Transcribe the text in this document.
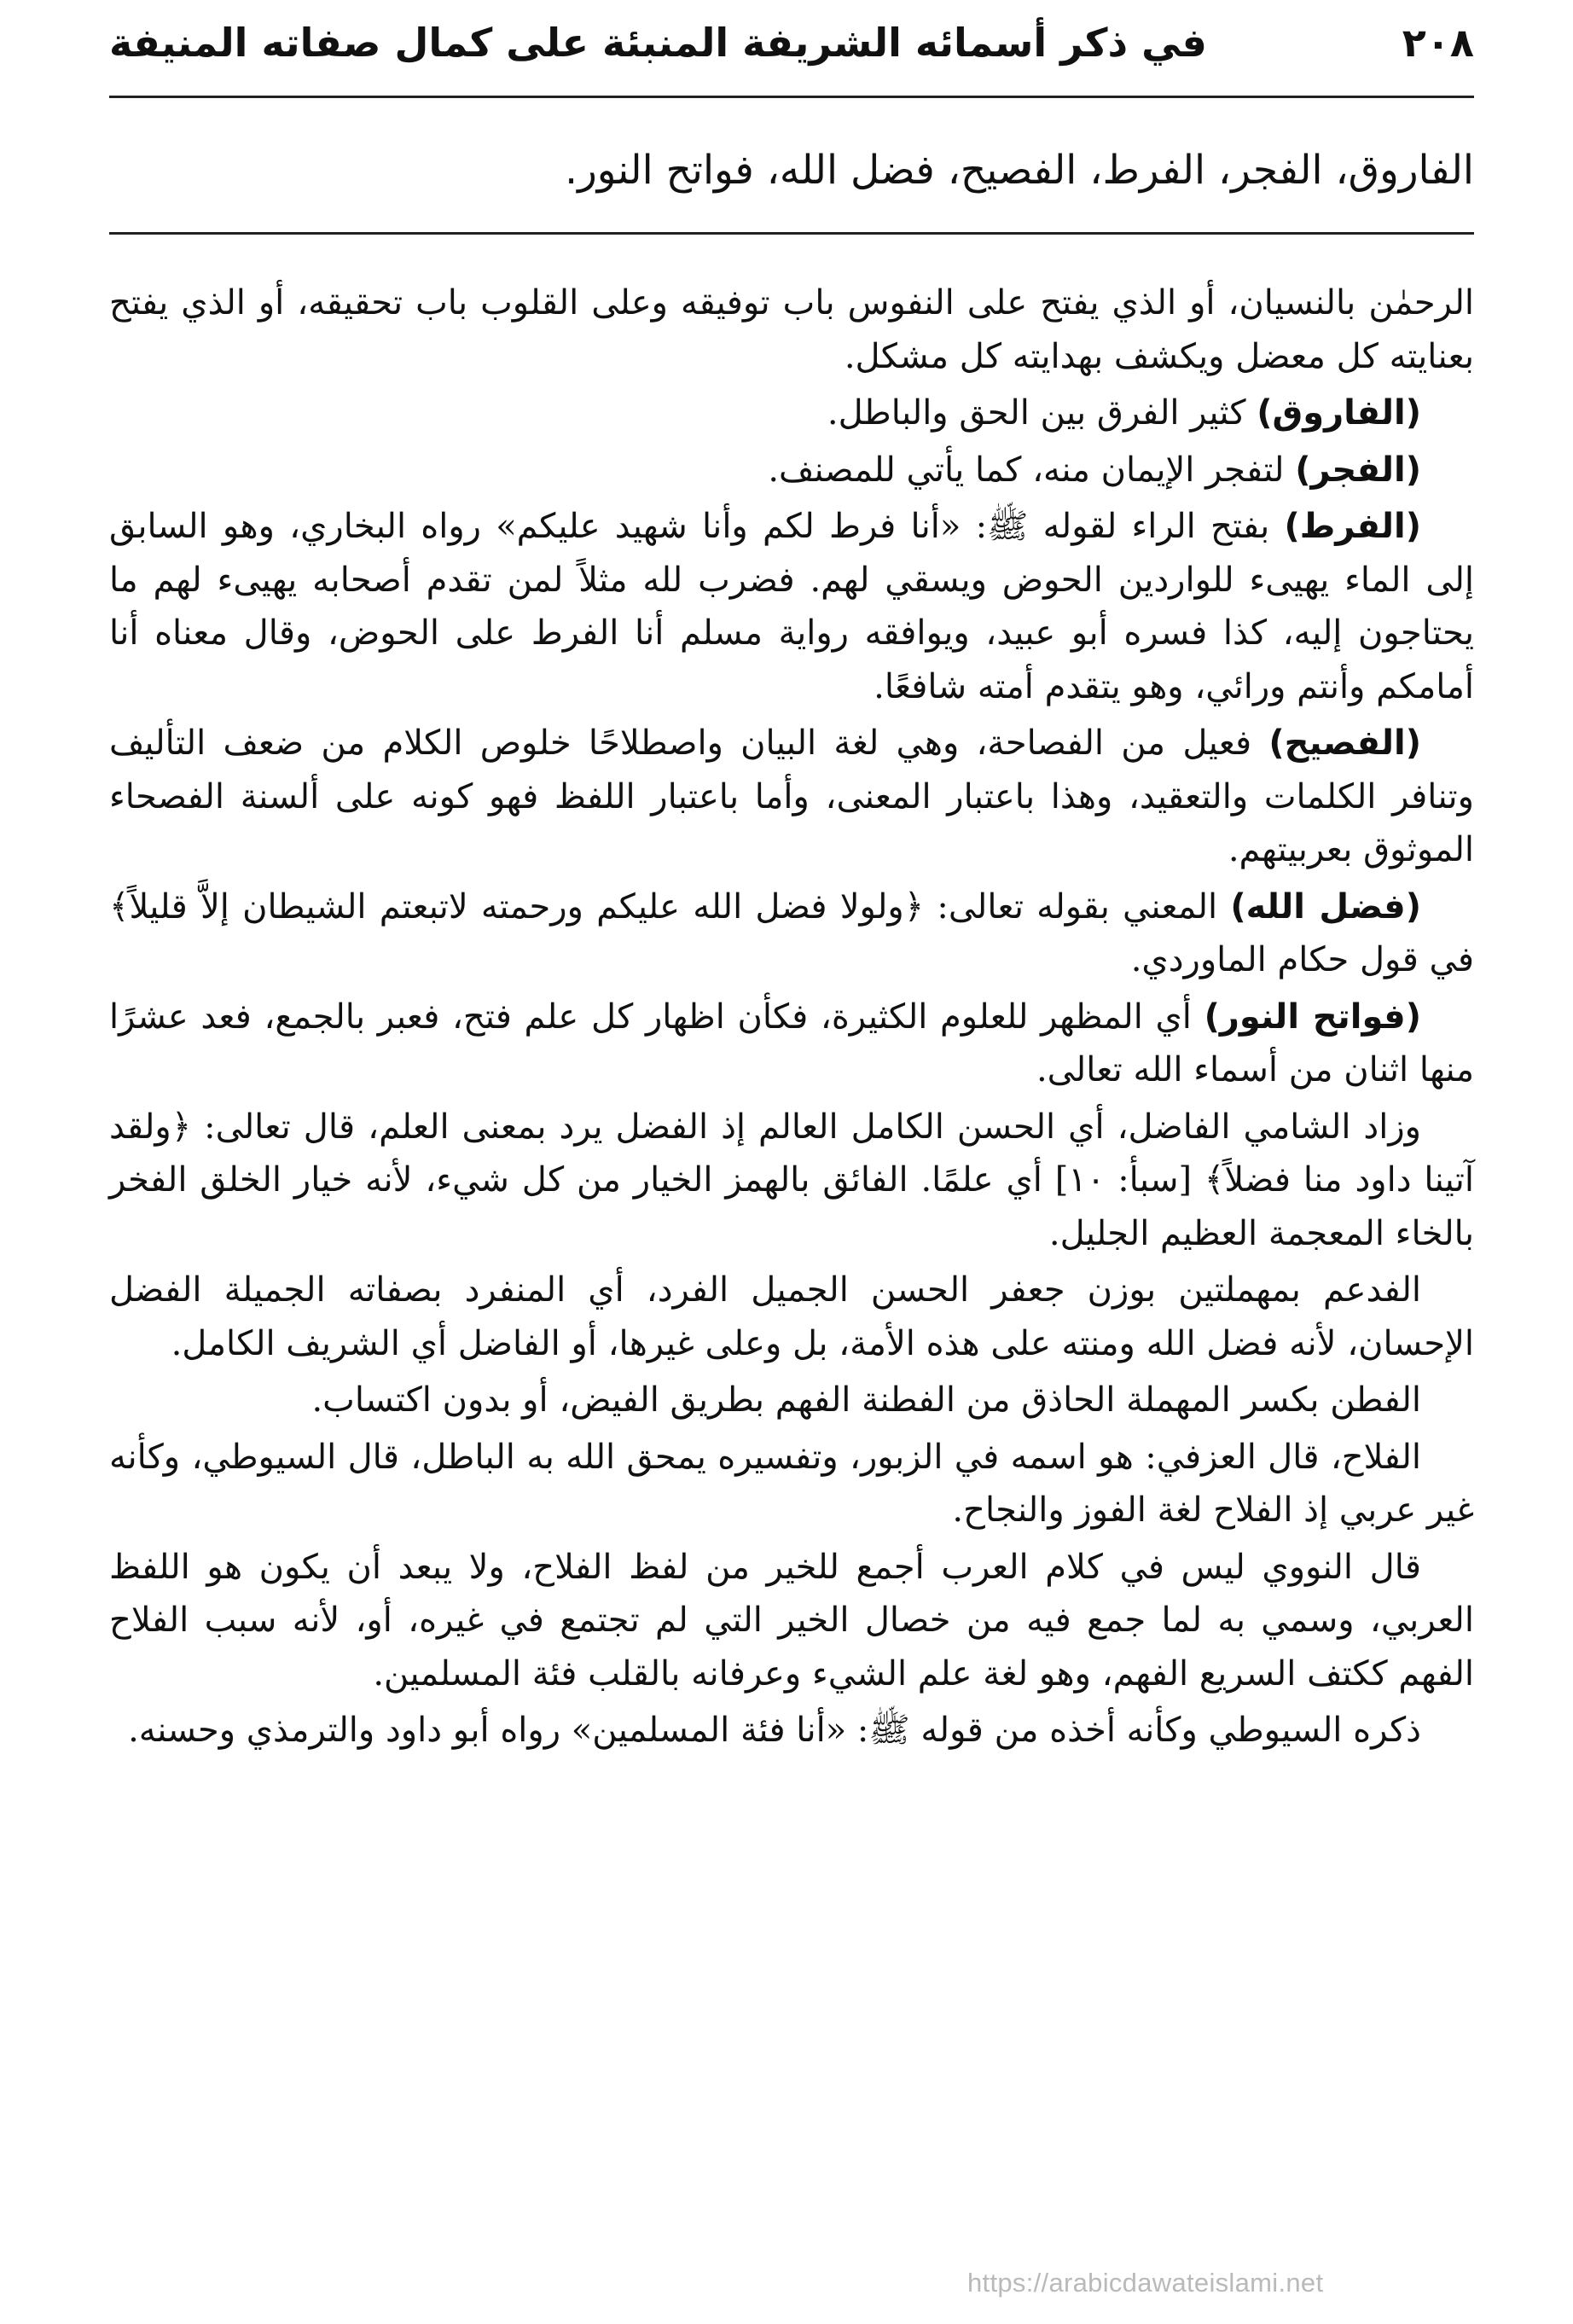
٢٠٨
في ذكر أسمائه الشريفة المنبئة على كمال صفاته المنيفة
الفاروق، الفجر، الفرط، الفصيح، فضل الله، فواتح النور.

الرحمٰن بالنسيان، أو الذي يفتح على النفوس باب توفيقه وعلى القلوب باب تحقيقه، أو الذي يفتح بعنايته كل معضل ويكشف بهدايته كل مشكل.

(الفاروق) كثير الفرق بين الحق والباطل.

(الفجر) لتفجر الإيمان منه، كما يأتي للمصنف.

(الفرط) بفتح الراء لقوله ﷺ: «أنا فرط لكم وأنا شهيد عليكم» رواه البخاري، وهو السابق إلى الماء يهيىء للواردين الحوض ويسقي لهم. فضرب لله مثلاً لمن تقدم أصحابه يهيىء لهم ما يحتاجون إليه، كذا فسره أبو عبيد، ويوافقه رواية مسلم أنا الفرط على الحوض، وقال معناه أنا أمامكم وأنتم ورائي، وهو يتقدم أمته شافعًا.

(الفصيح) فعيل من الفصاحة، وهي لغة البيان واصطلاحًا خلوص الكلام من ضعف التأليف وتنافر الكلمات والتعقيد، وهذا باعتبار المعنى، وأما باعتبار اللفظ فهو كونه على ألسنة الفصحاء الموثوق بعربيتهم.

(فضل الله) المعني بقوله تعالى: ﴿ولولا فضل الله عليكم ورحمته لاتبعتم الشيطان إلاَّ قليلاً﴾ في قول حكام الماوردي.

(فواتح النور) أي المظهر للعلوم الكثيرة، فكأن اظهار كل علم فتح، فعبر بالجمع، فعد عشرًا منها اثنان من أسماء الله تعالى.

وزاد الشامي الفاضل، أي الحسن الكامل العالم إذ الفضل يرد بمعنى العلم، قال تعالى: ﴿ولقد آتينا داود منا فضلاً﴾ [سبأ: ١٠] أي علمًا. الفائق بالهمز الخيار من كل شيء، لأنه خيار الخلق الفخر بالخاء المعجمة العظيم الجليل.

الفدعم بمهملتين بوزن جعفر الحسن الجميل الفرد، أي المنفرد بصفاته الجميلة الفضل الإحسان، لأنه فضل الله ومنته على هذه الأمة، بل وعلى غيرها، أو الفاضل أي الشريف الكامل.

الفطن بكسر المهملة الحاذق من الفطنة الفهم بطريق الفيض، أو بدون اكتساب.

الفلاح، قال العزفي: هو اسمه في الزبور، وتفسيره يمحق الله به الباطل، قال السيوطي، وكأنه غير عربي إذ الفلاح لغة الفوز والنجاح.

قال النووي ليس في كلام العرب أجمع للخير من لفظ الفلاح، ولا يبعد أن يكون هو اللفظ العربي، وسمي به لما جمع فيه من خصال الخير التي لم تجتمع في غيره، أو، لأنه سبب الفلاح الفهم ككتف السريع الفهم، وهو لغة علم الشيء وعرفانه بالقلب فئة المسلمين.

ذكره السيوطي وكأنه أخذه من قوله ﷺ: «أنا فئة المسلمين» رواه أبو داود والترمذي وحسنه.

https://arabicdawateislami.net
